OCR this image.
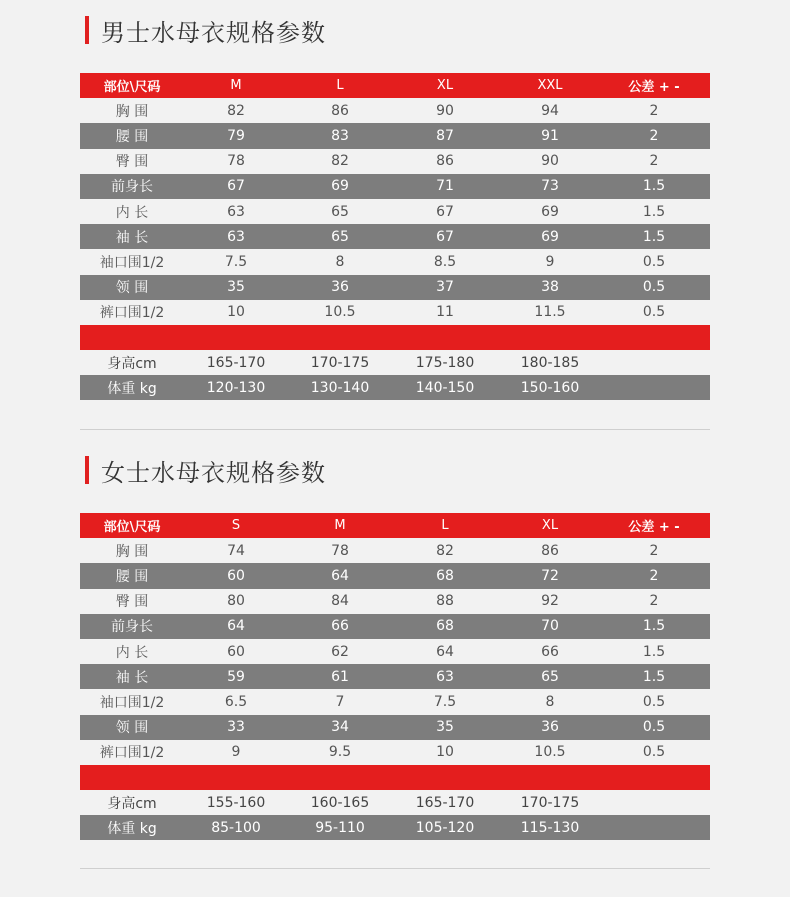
男士水母衣规格参数
部位\尺码	M	L	XL	XXL	公差 + -
胸 围	82	86	90	94	2
腰 围	79	83	87	91	2
臀 围	78	82	86	90	2
前身长	67	69	71	73	1.5
内 长	63	65	67	69	1.5
袖 长	63	65	67	69	1.5
袖口围1/2	7.5	8	8.5	9	0.5
领 围	35	36	37	38	0.5
裤口围1/2	10	10.5	11	11.5	0.5
身高cm	165-170	170-175	175-180	180-185
体重 kg	120-130	130-140	140-150	150-160
女士水母衣规格参数
部位\尺码	S	M	L	XL	公差 + -
胸 围	74	78	82	86	2
腰 围	60	64	68	72	2
臀 围	80	84	88	92	2
前身长	64	66	68	70	1.5
内 长	60	62	64	66	1.5
袖 长	59	61	63	65	1.5
袖口围1/2	6.5	7	7.5	8	0.5
领 围	33	34	35	36	0.5
裤口围1/2	9	9.5	10	10.5	0.5
身高cm	155-160	160-165	165-170	170-175
体重 kg	85-100	95-110	105-120	115-130
